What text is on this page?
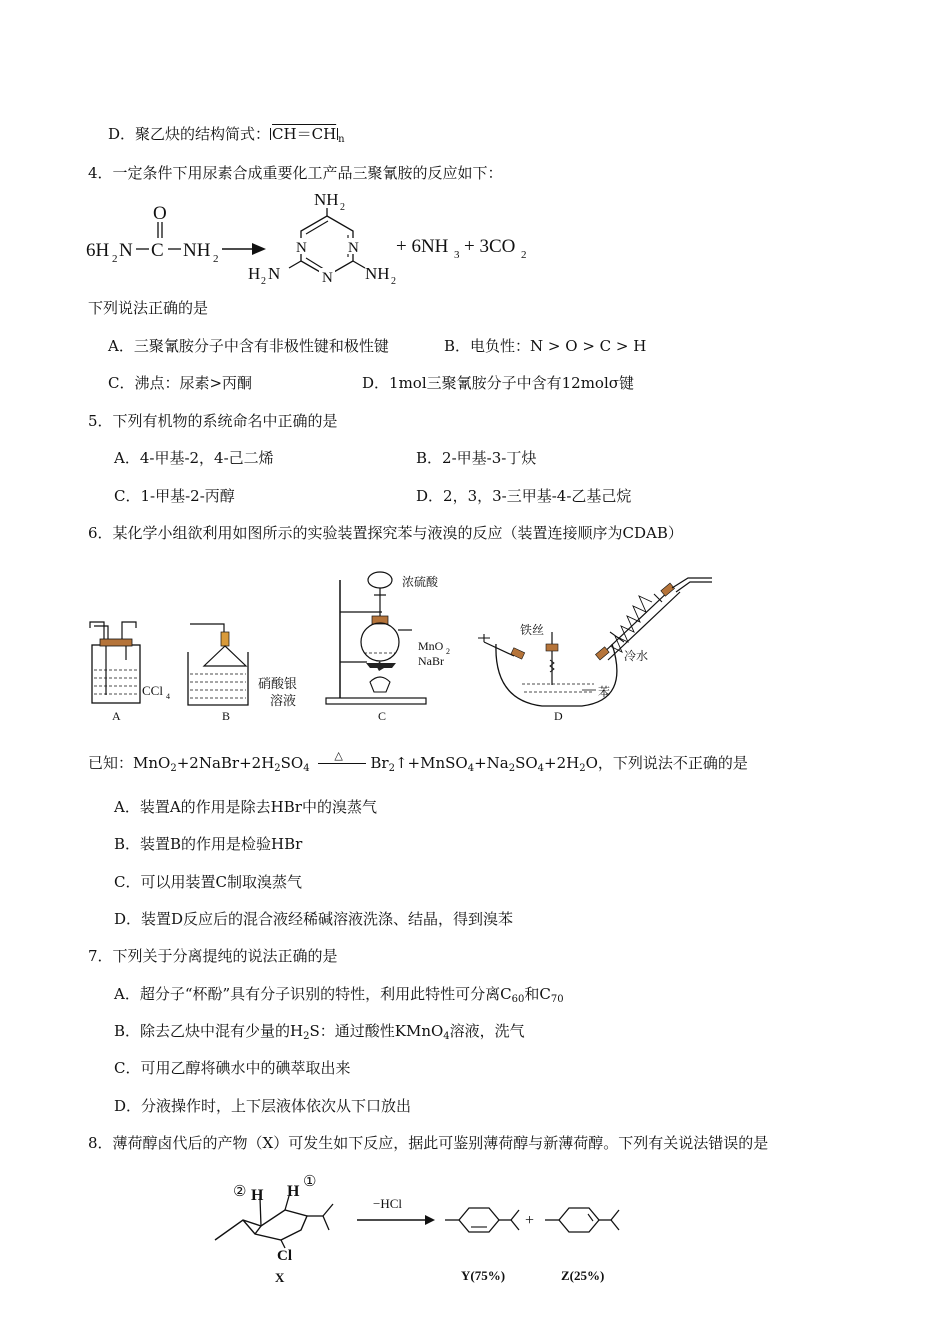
D．聚乙炔的结构简式： CH＝CH $_n$
4．一定条件下用尿素合成重要化工产品三聚氰胺的反应如下：
6H 2 N C
O
NH 2
N	N
N
NH 2
H 2 N	NH 2
+ 6NH 3 + 3CO 2
下列说法正确的是
A．三聚氰胺分子中含有非极性键和极性键	B．电负性：N > O > C > H
C．沸点：尿素>丙酮	D．1mol三聚氰胺分子中含有12molσ键
5．下列有机物的系统命名中正确的是
A．4-甲基-2，4-己二烯	B．2-甲基-3-丁炔
C．1-甲基-2-丙醇	D．2，3，3-三甲基-4-乙基己烷
6．某化学小组欲利用如图所示的实验装置探究苯与液溴的反应（装置连接顺序为CDAB）
CCl 4
A
硝酸银
溶液
B
浓硫酸
MnO 2
NaBr
C
铁丝
冷水
苯
D
已知：$MnO_2+2NaBr+2H_2SO_4$
△ $Br_2↑+MnSO_4+Na_2SO_4+2H_2O$，下列说法不正确的是
A．装置A的作用是除去HBr中的溴蒸气
B．装置B的作用是检验HBr
C．可以用装置C制取溴蒸气
D．装置D反应后的混合液经稀碱溶液洗涤、结晶，得到溴苯
7．下列关于分离提纯的说法正确的是
A．超分子“杯酚”具有分子识别的特性，利用此特性可分离$C_{60}$和$C_{70}$
B．除去乙炔中混有少量的$H_2S$：通过酸性KMnO$_4$溶液，洗气
C．可用乙醇将碘水中的碘萃取出来
D．分液操作时，上下层液体依次从下口放出
8．薄荷醇卤代后的产物（X）可发生如下反应，据此可鉴别薄荷醇与新薄荷醇。下列有关说法错误的是
② H H
①
Cl
X
−HCl
Y(75%)
+
Z(25%)
